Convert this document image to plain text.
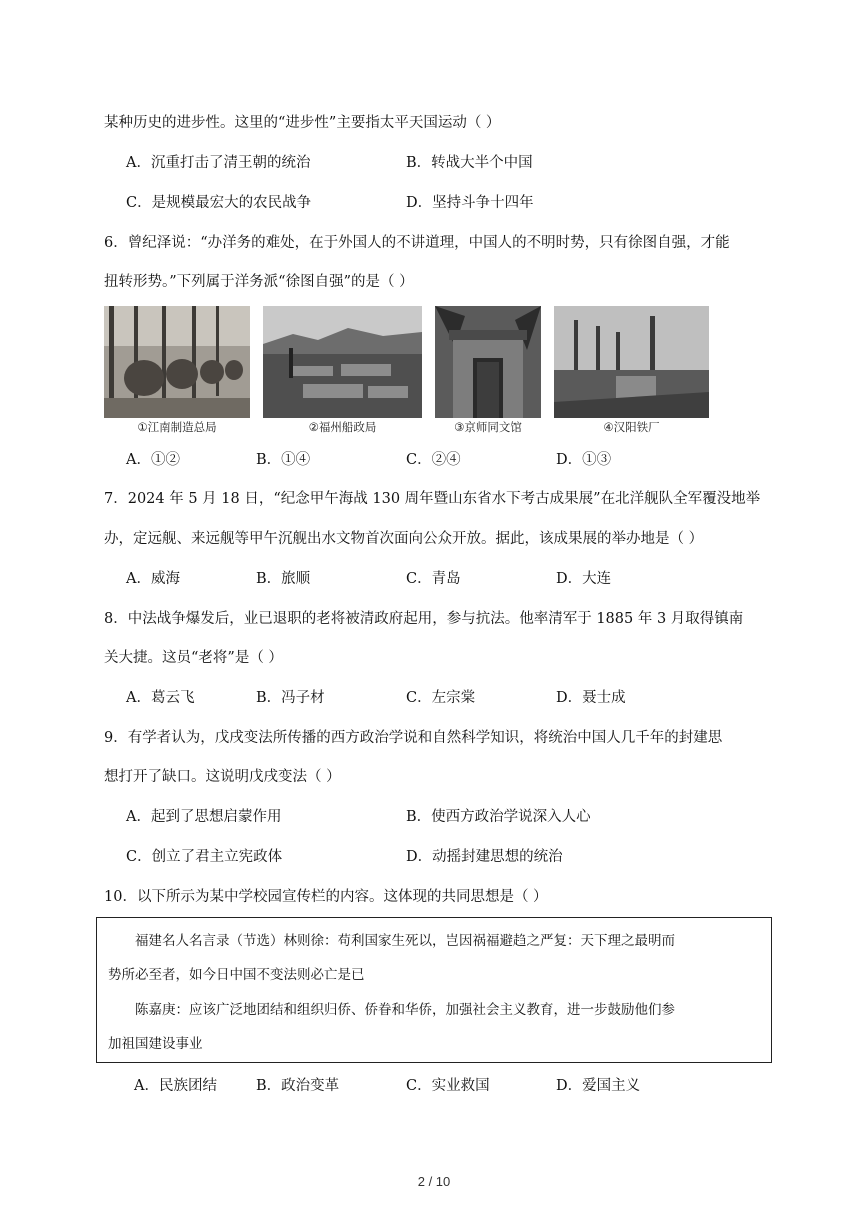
某种历史的进步性。这里的“进步性”主要指太平天国运动（ ）
A．沉重打击了清王朝的统治	B．转战大半个中国
C．是规模最宏大的农民战争	D．坚持斗争十四年
6．曾纪泽说：“办洋务的难处，在于外国人的不讲道理，中国人的不明时势，只有徐图自强，才能
扭转形势。”下列属于洋务派“徐图自强”的是（ ）
①江南制造总局	②福州船政局	③京师同文馆	④汉阳铁厂
A．①②	B．①④	C．②④	D．①③
7．2024 年 5 月 18 日，“纪念甲午海战 130 周年暨山东省水下考古成果展”在北洋舰队全军覆没地举
办，定远舰、来远舰等甲午沉舰出水文物首次面向公众开放。据此，该成果展的举办地是（ ）
A．威海	B．旅顺	C．青岛	D．大连
8．中法战争爆发后，业已退职的老将被清政府起用，参与抗法。他率清军于 1885 年 3 月取得镇南
关大捷。这员“老将”是（ ）
A．葛云飞	B．冯子材	C．左宗棠	D．聂士成
9．有学者认为，戊戌变法所传播的西方政治学说和自然科学知识，将统治中国人几千年的封建思
想打开了缺口。这说明戊戌变法（ ）
A．起到了思想启蒙作用	B．使西方政治学说深入人心
C．创立了君主立宪政体	D．动摇封建思想的统治
10．以下所示为某中学校园宣传栏的内容。这体现的共同思想是（ ）
福建名人名言录（节选）林则徐：苟利国家生死以，岂因祸福避趋之严复：天下理之最明而
势所必至者，如今日中国不变法则必亡是已
陈嘉庚：应该广泛地团结和组织归侨、侨眷和华侨，加强社会主义教育，进一步鼓励他们参
加祖国建设事业
A．民族团结	B．政治变革	C．实业救国	D．爱国主义
2 / 10
